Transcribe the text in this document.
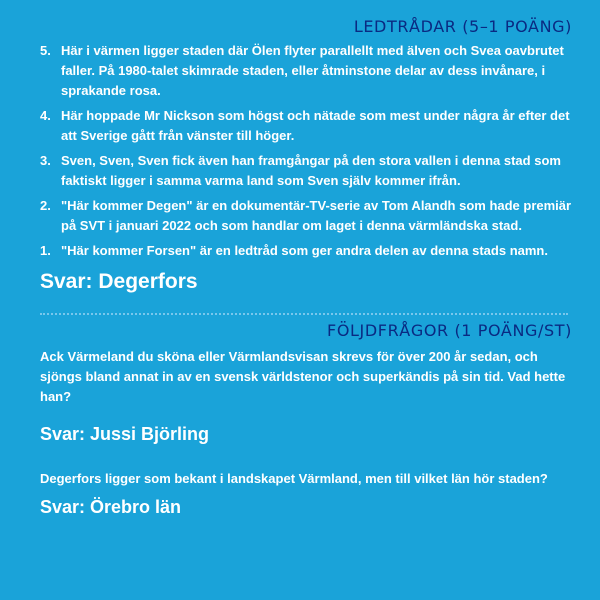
LEDTRÅDAR (5–1 POÄNG)
5. Här i värmen ligger staden där Ölen flyter parallellt med älven och Svea oavbrutet faller. På 1980-talet skimrade staden, eller åtminstone delar av dess invånare, i sprakande rosa.
4. Här hoppade Mr Nickson som högst och nätade som mest under några år efter det att Sverige gått från vänster till höger.
3. Sven, Sven, Sven fick även han framgångar på den stora vallen i denna stad som faktiskt ligger i samma varma land som Sven själv kommer ifrån.
2. "Här kommer Degen" är en dokumentär-TV-serie av Tom Alandh som hade premiär på SVT i januari 2022 och som handlar om laget i denna värmländska stad.
1. "Här kommer Forsen" är en ledtråd som ger andra delen av denna stads namn.
Svar: Degerfors
FÖLJDFRÅGOR (1 POÄNG/ST)

Ack Värmeland du sköna eller Värmlandsvisan skrevs för över 200 år sedan, och sjöngs bland annat in av en svensk världstenor och superkändis på sin tid. Vad hette han?

Svar: Jussi Björling

Degerfors ligger som bekant i landskapet Värmland, men till vilket län hör staden?

Svar: Örebro län
